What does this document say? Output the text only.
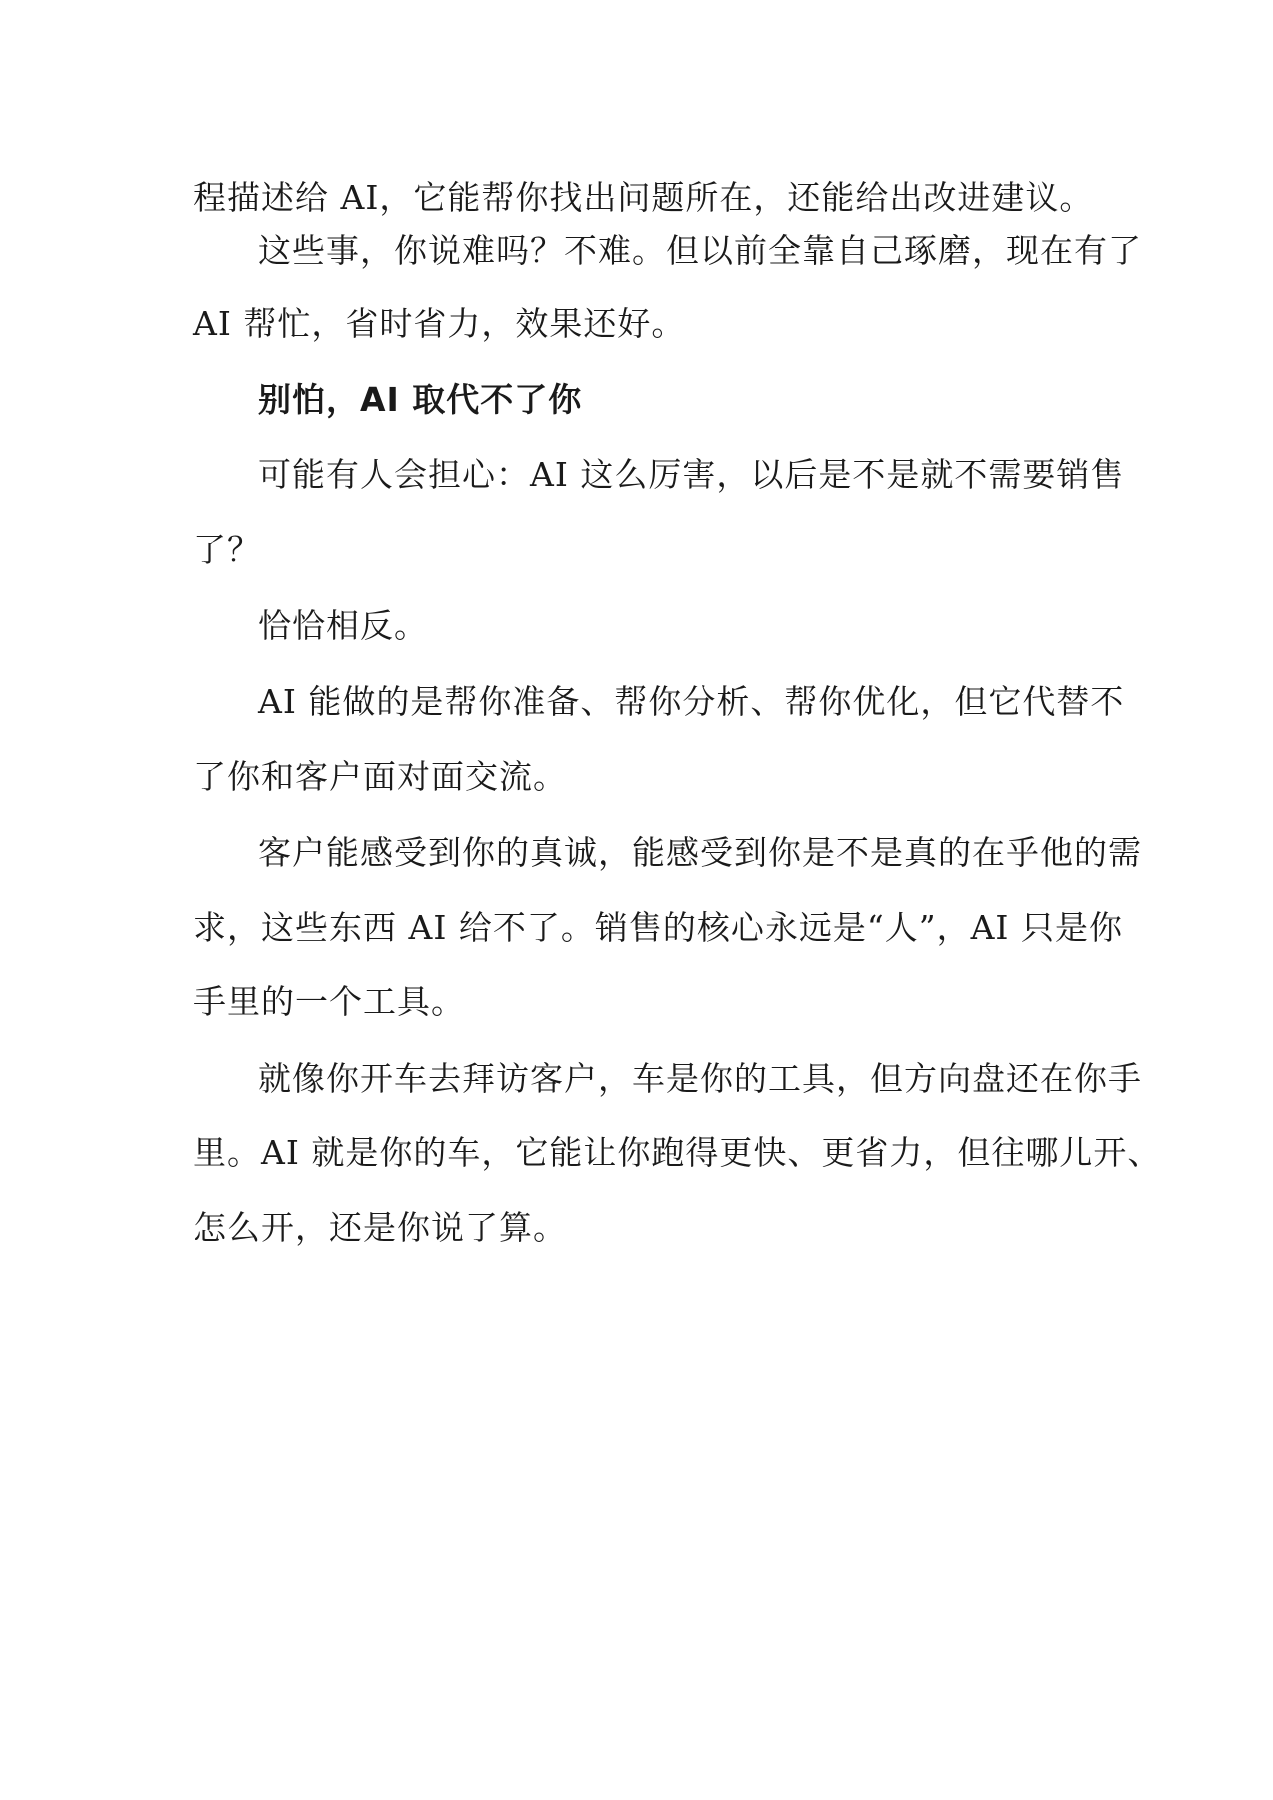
程描述给 AI，它能帮你找出问题所在，还能给出改进建议。
这些事，你说难吗？不难。但以前全靠自己琢磨，现在有了
AI 帮忙，省时省力，效果还好。
别怕，AI 取代不了你
可能有人会担心：AI 这么厉害，以后是不是就不需要销售
了？
恰恰相反。
AI 能做的是帮你准备、帮你分析、帮你优化，但它代替不
了你和客户面对面交流。
客户能感受到你的真诚，能感受到你是不是真的在乎他的需
求，这些东西 AI 给不了。销售的核心永远是“人”，AI 只是你
手里的一个工具。
就像你开车去拜访客户，车是你的工具，但方向盘还在你手
里。AI 就是你的车，它能让你跑得更快、更省力，但往哪儿开、
怎么开，还是你说了算。
